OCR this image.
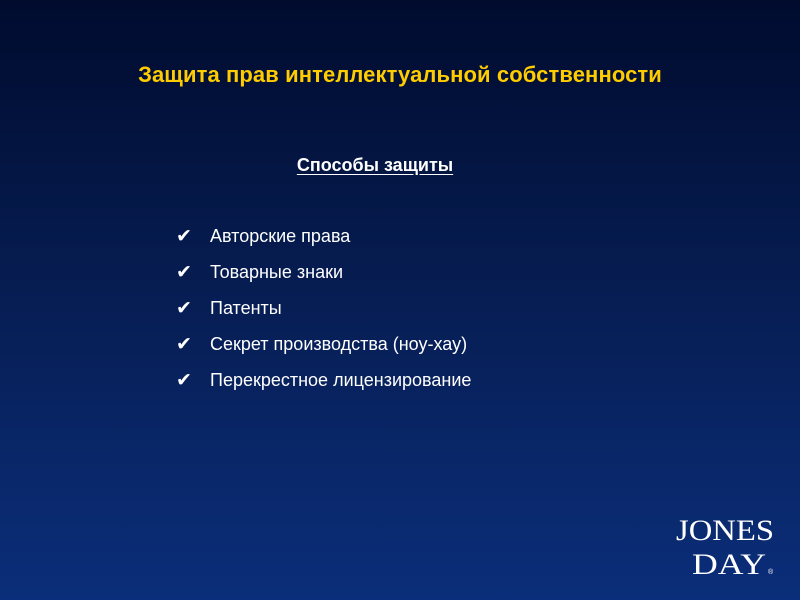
Защита прав интеллектуальной собственности
Способы защиты
✔	Авторские права
✔	Товарные знаки
✔	Патенты
✔	Секрет производства (ноу-хау)
✔	Перекрестное лицензирование
JONES
DAY ®
